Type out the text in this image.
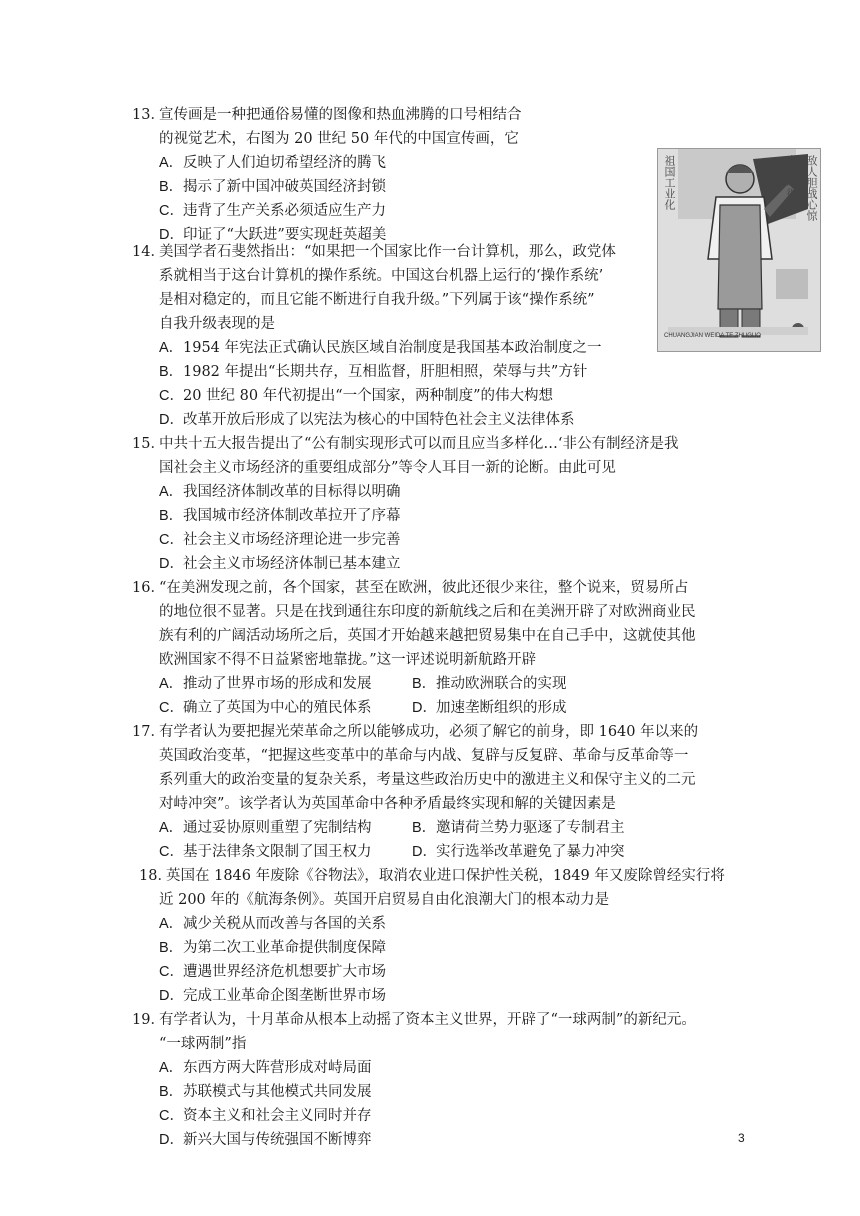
13．
宣传画是一种把通俗易懂的图像和热血沸腾的口号相结合
的视觉艺术，右图为 20 世纪 50 年代的中国宣传画，它
A．反映了人们迫切希望经济的腾飞
B．揭示了新中国冲破英国经济封锁
C．违背了生产关系必须适应生产力
D．印证了“大跃进”要实现赶英超美
祖国工业化	发展吓得 敌人胆战心惊
CHUANGJIAN WEIDA TE ZHUGUO
14．
美国学者石斐然指出：“如果把一个国家比作一台计算机，那么，政党体
系就相当于这台计算机的操作系统。中国这台机器上运行的‘操作系统’
是相对稳定的，而且它能不断进行自我升级。”下列属于该“操作系统”
自我升级表现的是
A．1954 年宪法正式确认民族区域自治制度是我国基本政治制度之一
B．1982 年提出“长期共存，互相监督，肝胆相照，荣辱与共”方针
C．20 世纪 80 年代初提出“一个国家，两种制度”的伟大构想
D．改革开放后形成了以宪法为核心的中国特色社会主义法律体系
15．
中共十五大报告提出了“公有制实现形式可以而且应当多样化…‘非公有制经济是我
国社会主义市场经济的重要组成部分”等令人耳目一新的论断。由此可见
A．我国经济体制改革的目标得以明确
B．我国城市经济体制改革拉开了序幕
C．社会主义市场经济理论进一步完善
D．社会主义市场经济体制已基本建立
16．
“在美洲发现之前，各个国家，甚至在欧洲，彼此还很少来往，整个说来，贸易所占
的地位很不显著。只是在找到通往东印度的新航线之后和在美洲开辟了对欧洲商业民
族有利的广阔活动场所之后，英国才开始越来越把贸易集中在自己手中，这就使其他
欧洲国家不得不日益紧密地靠拢。”这一评述说明新航路开辟
A．推动了世界市场的形成和发展	B．推动欧洲联合的实现
C．确立了英国为中心的殖民体系	D．加速垄断组织的形成
17．
有学者认为要把握光荣革命之所以能够成功，必须了解它的前身，即 1640 年以来的
英国政治变革，“把握这些变革中的革命与内战、复辟与反复辟、革命与反革命等一
系列重大的政治变量的复杂关系，考量这些政治历史中的激进主义和保守主义的二元
对峙冲突”。该学者认为英国革命中各种矛盾最终实现和解的关键因素是
A．通过妥协原则重塑了宪制结构	B．邀请荷兰势力驱逐了专制君主
C．基于法律条文限制了国王权力	D．实行选举改革避免了暴力冲突
18．
英国在 1846 年废除《谷物法》，取消农业进口保护性关税，1849 年又废除曾经实行将
近 200 年的《航海条例》。英国开启贸易自由化浪潮大门的根本动力是
A．减少关税从而改善与各国的关系
B．为第二次工业革命提供制度保障
C．遭遇世界经济危机想要扩大市场
D．完成工业革命企图垄断世界市场
19．
有学者认为，十月革命从根本上动摇了资本主义世界，开辟了“一球两制”的新纪元。
“一球两制”指
A．东西方两大阵营形成对峙局面
B．苏联模式与其他模式共同发展
C．资本主义和社会主义同时并存
D．新兴大国与传统强国不断博弈	3
